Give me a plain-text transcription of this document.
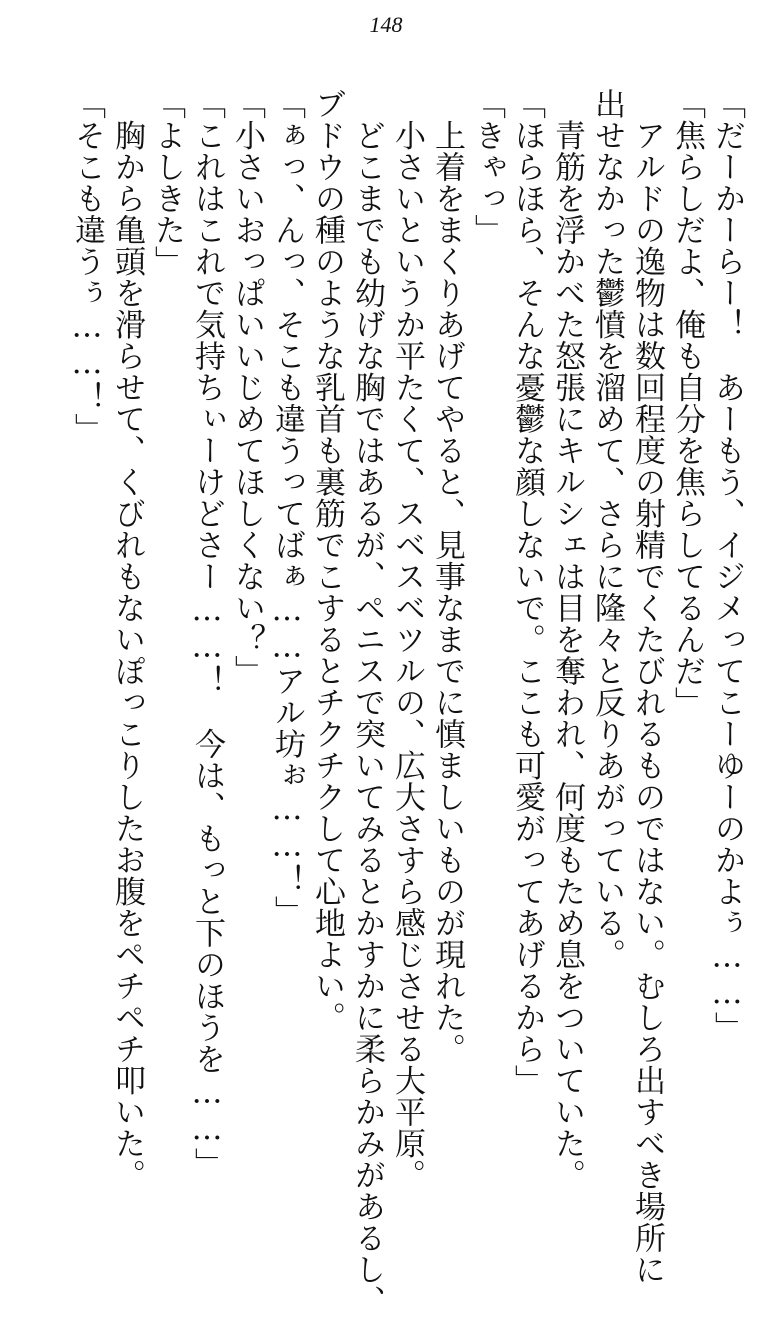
148
「だーかーらー！　あーもう、イジメってこーゆーのかよぅ……」
「焦らしだよ、俺も自分を焦らしてるんだ」
　アルドの逸物は数回程度の射精でくたびれるものではない。むしろ出すべき場所に
出せなかった鬱憤を溜めて、さらに隆々と反りあがっている。
　青筋を浮かべた怒張にキルシェは目を奪われ、何度もため息をついていた。
「ほらほら、そんな憂鬱な顔しないで。ここも可愛がってあげるから」
「きゃっ」
　上着をまくりあげてやると、見事なまでに慎ましいものが現れた。
　小さいというか平たくて、スベスベツルの、広大さすら感じさせる大平原。
　どこまでも幼げな胸ではあるが、ペニスで突いてみるとかすかに柔らかみがあるし、
ブドウの種のような乳首も裏筋でこするとチクチクして心地よい。
「ぁっ、んっ、そこも違うってばぁ……アル坊ぉ……！」
「小さいおっぱいいじめてほしくない？」
「これはこれで気持ちぃーけどさー……！　今は、もっと下のほうを……」
「よしきた」
　胸から亀頭を滑らせて、くびれもないぽっこりしたお腹をペチペチ叩いた。
「そこも違うぅ……！」
